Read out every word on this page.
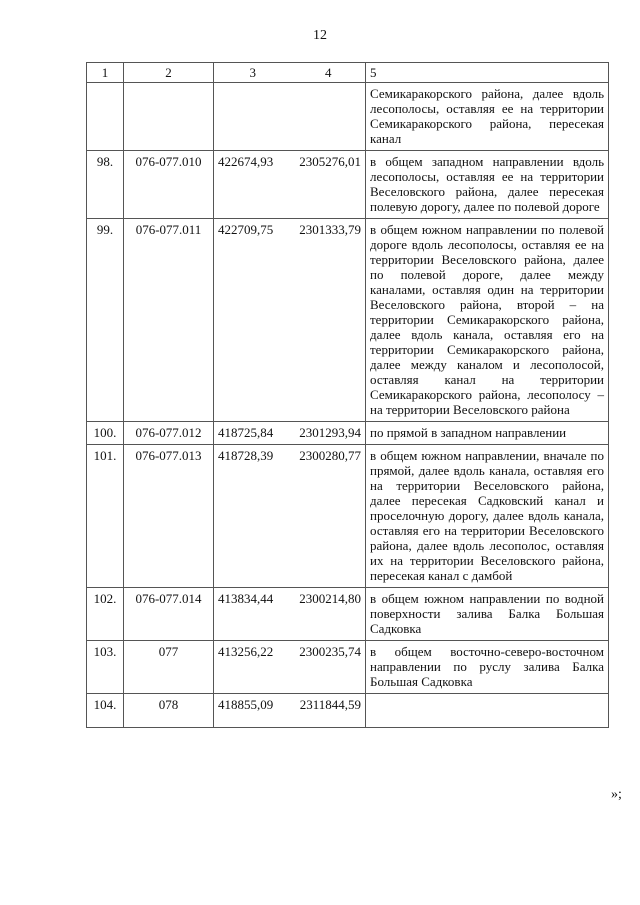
12
1	2	3	4	5
				Семикаракорского района, далее вдоль лесополосы, оставляя ее на территории Семикаракорского района, пересекая канал
98.	076-077.010	422674,93	2305276,01	в общем западном направлении вдоль лесополосы, оставляя ее на территории Веселовского района, далее пересекая полевую дорогу, далее по полевой дороге
99.	076-077.011	422709,75	2301333,79	в общем южном направлении по полевой дороге вдоль лесополосы, оставляя ее на территории Веселовского района, далее по полевой дороге, далее между каналами, оставляя один на территории Веселовского района, второй – на территории Семикаракорского района, далее вдоль канала, оставляя его на территории Семикаракорского района, далее между каналом и лесополосой, оставляя канал на территории Семикаракорского района, лесополосу – на территории Веселовского района
100.	076-077.012	418725,84	2301293,94	по прямой в западном направлении
101.	076-077.013	418728,39	2300280,77	в общем южном направлении, вначале по прямой, далее вдоль канала, оставляя его на территории Веселовского района, далее пересекая Садковский канал и проселочную дорогу, далее вдоль канала, оставляя его на территории Веселовского района, далее вдоль лесополос, оставляя их на территории Веселовского района, пересекая канал с дамбой
102.	076-077.014	413834,44	2300214,80	в общем южном направлении по водной поверхности залива Балка Большая Садковка
103.	077	413256,22	2300235,74	в общем восточно-северо-восточном направлении по руслу залива Балка Большая Садковка
104.	078	418855,09	2311844,59	
»;
